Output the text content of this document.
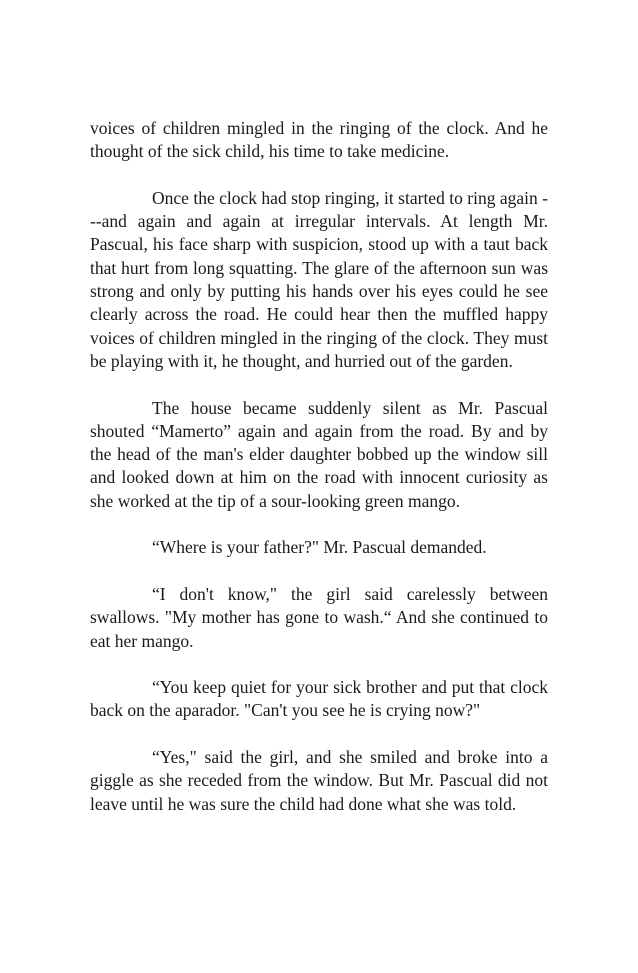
voices of children mingled in the ringing of the clock. And he thought of the sick child, his time to take medicine.

Once the clock had stop ringing, it started to ring again ---and again and again at irregular intervals. At length Mr. Pascual, his face sharp with suspicion, stood up with a taut back that hurt from long squatting. The glare of the afternoon sun was strong and only by putting his hands over his eyes could he see clearly across the road. He could hear then the muffled happy voices of children mingled in the ringing of the clock. They must be playing with it, he thought, and hurried out of the garden.

The house became suddenly silent as Mr. Pascual shouted “Mamerto” again and again from the road. By and by the head of the man's elder daughter bobbed up the window sill and looked down at him on the road with innocent curiosity as she worked at the tip of a sour-looking green mango.

“Where is your father?" Mr. Pascual demanded.

“I don't know," the girl said carelessly between swallows. "My mother has gone to wash.“ And she continued to eat her mango.

“You keep quiet for your sick brother and put that clock back on the aparador. "Can't you see he is crying now?"

“Yes," said the girl, and she smiled and broke into a giggle as she receded from the window. But Mr. Pascual did not leave until he was sure the child had done what she was told.
